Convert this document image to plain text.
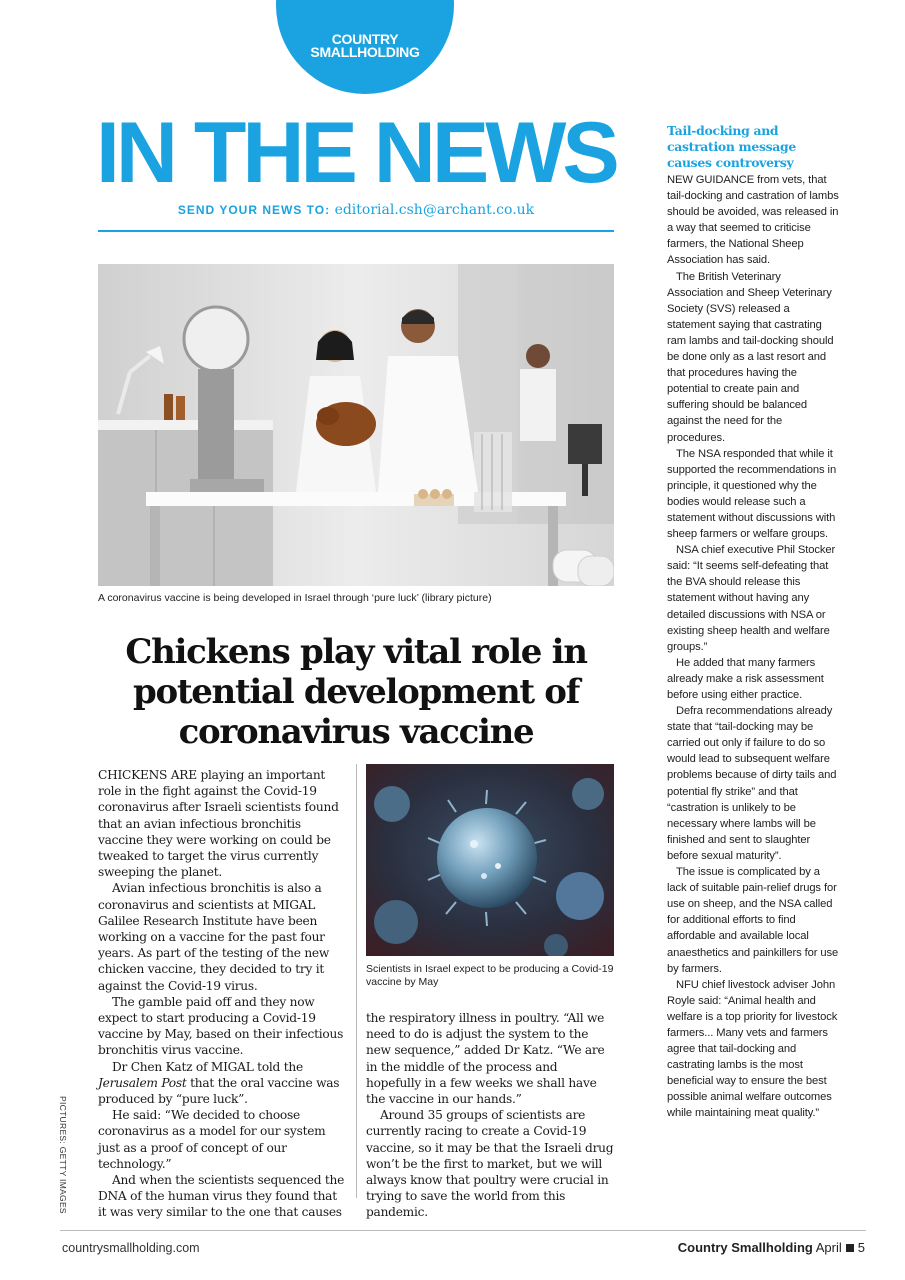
COUNTRY
SMALLHOLDING
IN THE NEWS
SEND YOUR NEWS TO: editorial.csh@archant.co.uk
A coronavirus vaccine is being developed in Israel through ‘pure luck’ (library picture)
Chickens play vital role in potential development of coronavirus vaccine

CHICKENS ARE playing an important role in the fight against the Covid-19 coronavirus after Israeli scientists found that an avian infectious bronchitis vaccine they were working on could be tweaked to target the virus currently sweeping the planet.

Avian infectious bronchitis is also a coronavirus and scientists at MIGAL Galilee Research Institute have been working on a vaccine for the past four years. As part of the testing of the new chicken vaccine, they decided to try it against the Covid-19 virus.

The gamble paid off and they now expect to start producing a Covid-19 vaccine by May, based on their infectious bronchitis virus vaccine.

Dr Chen Katz of MIGAL told the Jerusalem Post that the oral vaccine was produced by “pure luck”.

He said: “We decided to choose coronavirus as a model for our system just as a proof of concept of our technology.”

And when the scientists sequenced the DNA of the human virus they found that it was very similar to the one that causes

Scientists in Israel expect to be producing a Covid-19 vaccine by May

the respiratory illness in poultry. “All we need to do is adjust the system to the new sequence,” added Dr Katz. “We are in the middle of the process and hopefully in a few weeks we shall have the vaccine in our hands.”

Around 35 groups of scientists are currently racing to create a Covid-19 vaccine, so it may be that the Israeli drug won’t be the first to market, but we will always know that poultry were crucial in trying to save the world from this pandemic.

Tail-docking and castration message causes controversy

NEW GUIDANCE from vets, that tail-docking and castration of lambs should be avoided, was released in a way that seemed to criticise farmers, the National Sheep Association has said.

The British Veterinary Association and Sheep Veterinary Society (SVS) released a statement saying that castrating ram lambs and tail-docking should be done only as a last resort and that procedures having the potential to create pain and suffering should be balanced against the need for the procedures.

The NSA responded that while it supported the recommendations in principle, it questioned why the bodies would release such a statement without discussions with sheep farmers or welfare groups.

NSA chief executive Phil Stocker said: “It seems self-defeating that the BVA should release this statement without having any detailed discussions with NSA or existing sheep health and welfare groups.”

He added that many farmers already make a risk assessment before using either practice.

Defra recommendations already state that “tail-docking may be carried out only if failure to do so would lead to subsequent welfare problems because of dirty tails and potential fly strike” and that “castration is unlikely to be necessary where lambs will be finished and sent to slaughter before sexual maturity”.

The issue is complicated by a lack of suitable pain-relief drugs for use on sheep, and the NSA called for additional efforts to find affordable and available local anaesthetics and painkillers for use by farmers.

NFU chief livestock adviser John Royle said: “Animal health and welfare is a top priority for livestock farmers... Many vets and farmers agree that tail-docking and castrating lambs is the most beneficial way to ensure the best possible animal welfare outcomes while maintaining meat quality.”

PICTURES: GETTY IMAGES
countrysmallholding.com	Country Smallholding April 5
